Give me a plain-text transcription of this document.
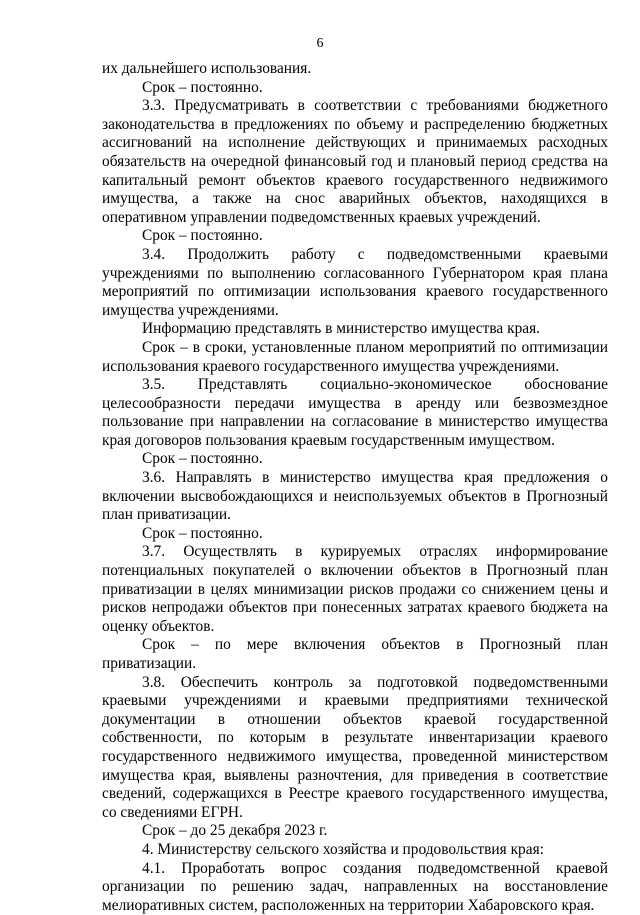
6

их дальнейшего использования.

Срок – постоянно.

3.3. Предусматривать в соответствии с требованиями бюджетного законодательства в предложениях по объему и распределению бюджетных ассигнований на исполнение действующих и принимаемых расходных обязательств на очередной финансовый год и плановый период средства на капитальный ремонт объектов краевого государственного недвижимого имущества, а также на снос аварийных объектов, находящихся в оперативном управлении подведомственных краевых учреждений.

Срок – постоянно.

3.4. Продолжить работу с подведомственными краевыми учреждениями по выполнению согласованного Губернатором края плана мероприятий по оптимизации использования краевого государственного имущества учреждениями.

Информацию представлять в министерство имущества края.

Срок – в сроки, установленные планом мероприятий по оптимизации использования краевого государственного имущества учреждениями.

3.5. Представлять социально-экономическое обоснование целесообразности передачи имущества в аренду или безвозмездное пользование при направлении на согласование в министерство имущества края договоров пользования краевым государственным имуществом.

Срок – постоянно.

3.6. Направлять в министерство имущества края предложения о включении высвобождающихся и неиспользуемых объектов в Прогнозный план приватизации.

Срок – постоянно.

3.7. Осуществлять в курируемых отраслях информирование потенциальных покупателей о включении объектов в Прогнозный план приватизации в целях минимизации рисков продажи со снижением цены и рисков непродажи объектов при понесенных затратах краевого бюджета на оценку объектов.

Срок – по мере включения объектов в Прогнозный план приватизации.

3.8. Обеспечить контроль за подготовкой подведомственными краевыми учреждениями и краевыми предприятиями технической документации в отношении объектов краевой государственной собственности, по которым в результате инвентаризации краевого государственного недвижимого имущества, проведенной министерством имущества края, выявлены разночтения, для приведения в соответствие сведений, содержащихся в Реестре краевого государственного имущества, со сведениями ЕГРН.

Срок – до 25 декабря 2023 г.

4. Министерству сельского хозяйства и продовольствия края:

4.1. Проработать вопрос создания подведомственной краевой организации по решению задач, направленных на восстановление мелиоративных систем, расположенных на территории Хабаровского края.
